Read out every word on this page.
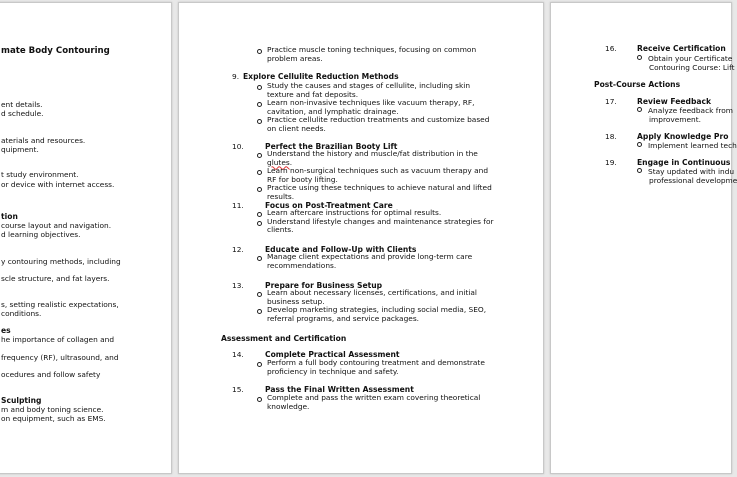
mate Body Contouring
ent details.
d schedule.
aterials and resources.
quipment.
t study environment.
or device with internet access.
tion
course layout and navigation.
d learning objectives.
y contouring methods, including
scle structure, and fat layers.
s, setting realistic expectations,
conditions.
es
he importance of collagen and
frequency (RF), ultrasound, and
ocedures and follow safety
Sculpting
m and body toning science.
on equipment, such as EMS.
Practice muscle toning techniques, focusing on common problem areas.
9. Explore Cellulite Reduction Methods
Study the causes and stages of cellulite, including skin texture and fat deposits.
Learn non-invasive techniques like vacuum therapy, RF, cavitation, and lymphatic drainage.
Practice cellulite reduction treatments and customize based on client needs.
10.	Perfect the Brazilian Booty Lift
Understand the history and muscle/fat distribution in the glutes.
Learn non-surgical techniques such as vacuum therapy and RF for booty lifting.
Practice using these techniques to achieve natural and lifted results.
11.	Focus on Post-Treatment Care
Learn aftercare instructions for optimal results.
Understand lifestyle changes and maintenance strategies for clients.
12.	Educate and Follow-Up with Clients
Manage client expectations and provide long-term care recommendations.
13.	Prepare for Business Setup
Learn about necessary licenses, certifications, and initial business setup.
Develop marketing strategies, including social media, SEO, referral programs, and service packages.
Assessment and Certification
14.	Complete Practical Assessment
Perform a full body contouring treatment and demonstrate proficiency in technique and safety.
15.	Pass the Final Written Assessment
Complete and pass the written exam covering theoretical knowledge.
16.	Receive Certification
Obtain your Certificate
Contouring Course: Lift
Post-Course Actions
17.	Review Feedback
Analyze feedback from
improvement.
18.	Apply Knowledge Pro
Implement learned tech
19.	Engage in Continuous
Stay updated with indu
professional developme
